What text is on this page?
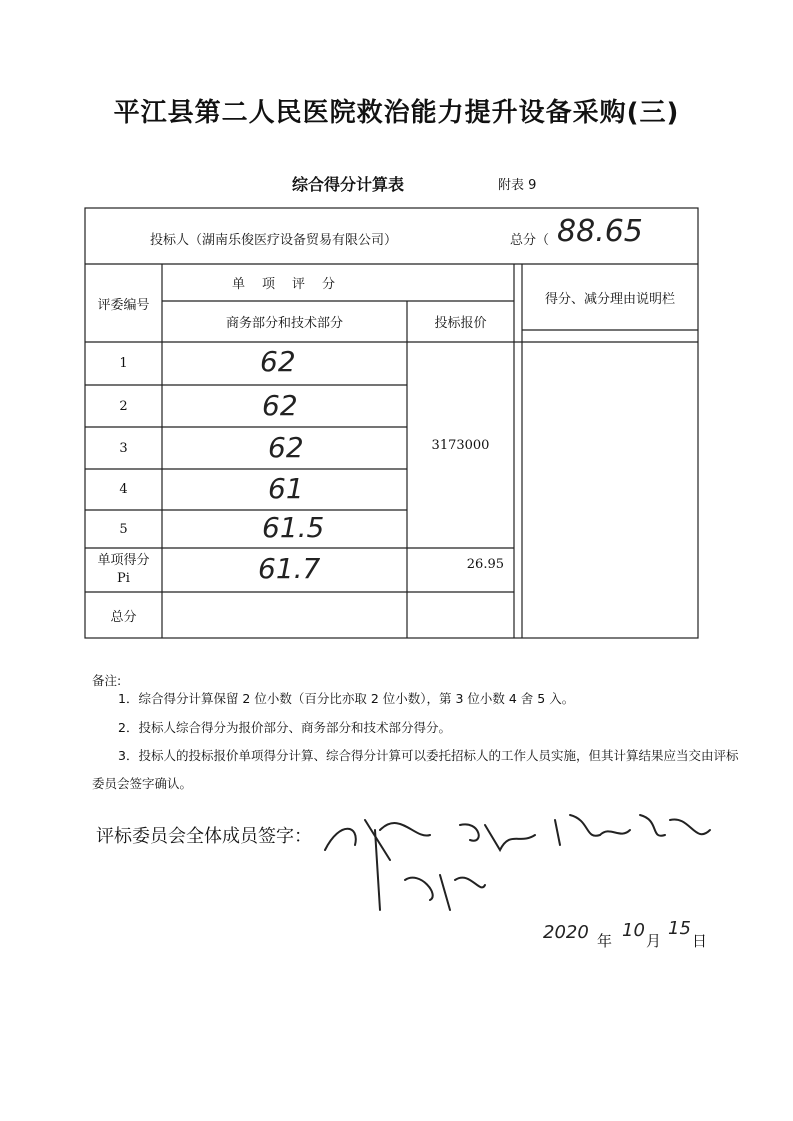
平江县第二人民医院救治能力提升设备采购(三)
综合得分计算表	附表 9
投标人（ 湖南乐俊医疗设备贸易有限公司 ）	总分（ 88.65
评委编号
单　项　评　分
商务部分和技术部分	投标报价
得分、减分理由说明栏
1	62
2	62
3	62
4	61
5	61.5
3173000
单项得分
Pi	61.7	26.95
总分
备注:
1．综合得分计算保留 2 位小数（百分比亦取 2 位小数），第 3 位小数 4 舍 5 入。
2．投标人综合得分为报价部分、商务部分和技术部分得分。
3．投标人的投标报价单项得分计算、综合得分计算可以委托招标人的工作人员实施，但其计算结果应当交由评标
委员会签字确认。
评标委员会全体成员签字：
2020 年 10 月
15
日
